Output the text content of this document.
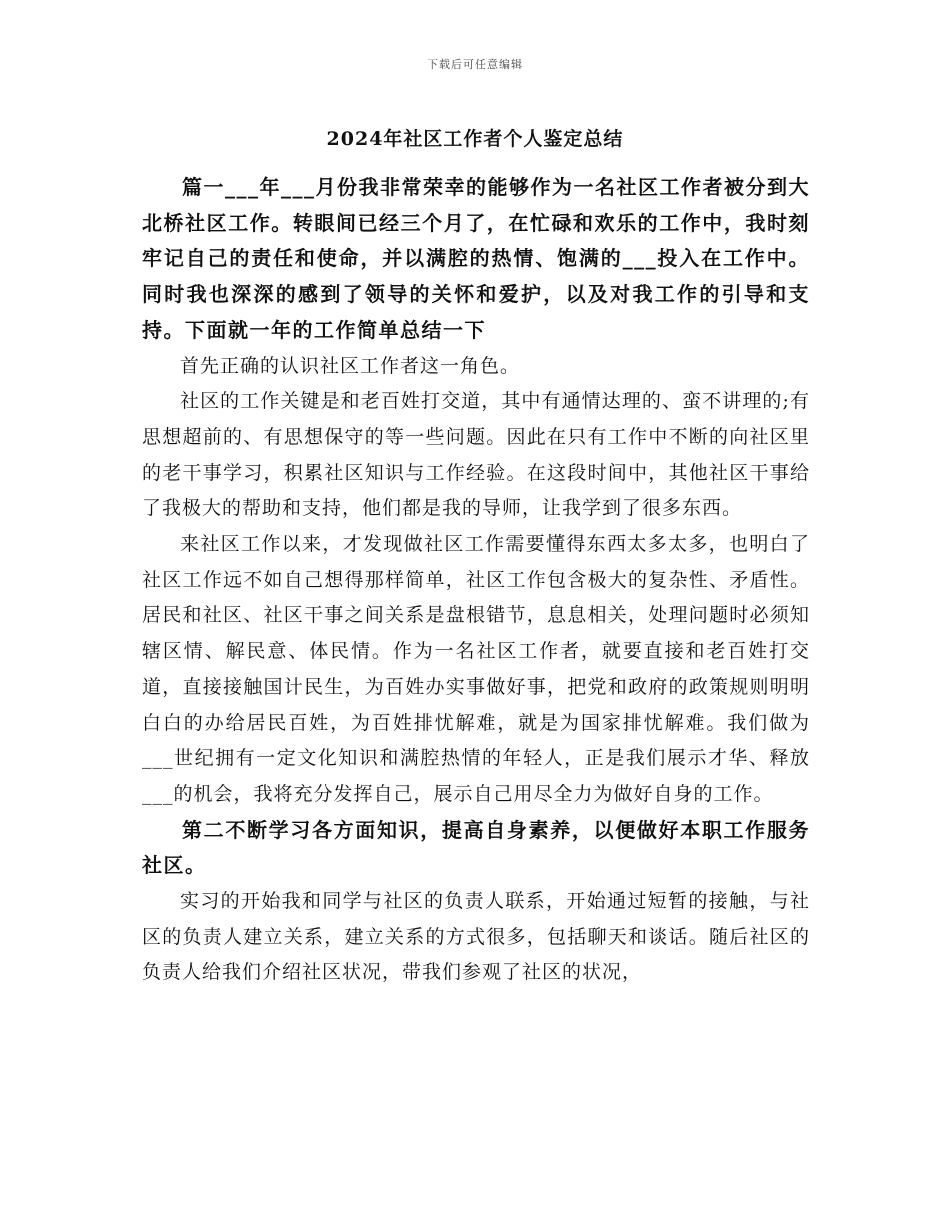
下载后可任意编辑
2024年社区工作者个人鉴定总结

篇一___年___月份我非常荣幸的能够作为一名社区工作者被分到大北桥社区工作。转眼间已经三个月了，在忙碌和欢乐的工作中，我时刻牢记自己的责任和使命，并以满腔的热情、饱满的___投入在工作中。同时我也深深的感到了领导的关怀和爱护，以及对我工作的引导和支持。下面就一年的工作简单总结一下

首先正确的认识社区工作者这一角色。

社区的工作关键是和老百姓打交道，其中有通情达理的、蛮不讲理的;有思想超前的、有思想保守的等一些问题。因此在只有工作中不断的向社区里的老干事学习，积累社区知识与工作经验。在这段时间中，其他社区干事给了我极大的帮助和支持，他们都是我的导师，让我学到了很多东西。

来社区工作以来，才发现做社区工作需要懂得东西太多太多，也明白了社区工作远不如自己想得那样简单，社区工作包含极大的复杂性、矛盾性。居民和社区、社区干事之间关系是盘根错节，息息相关，处理问题时必须知辖区情、解民意、体民情。作为一名社区工作者，就要直接和老百姓打交道，直接接触国计民生，为百姓办实事做好事，把党和政府的政策规则明明白白的办给居民百姓，为百姓排忧解难，就是为国家排忧解难。我们做为___世纪拥有一定文化知识和满腔热情的年轻人，正是我们展示才华、释放___的机会，我将充分发挥自己，展示自己用尽全力为做好自身的工作。

第二不断学习各方面知识，提高自身素养，以便做好本职工作服务社区。

实习的开始我和同学与社区的负责人联系，开始通过短暂的接触，与社区的负责人建立关系，建立关系的方式很多，包括聊天和谈话。随后社区的负责人给我们介绍社区状况，带我们参观了社区的状况，
